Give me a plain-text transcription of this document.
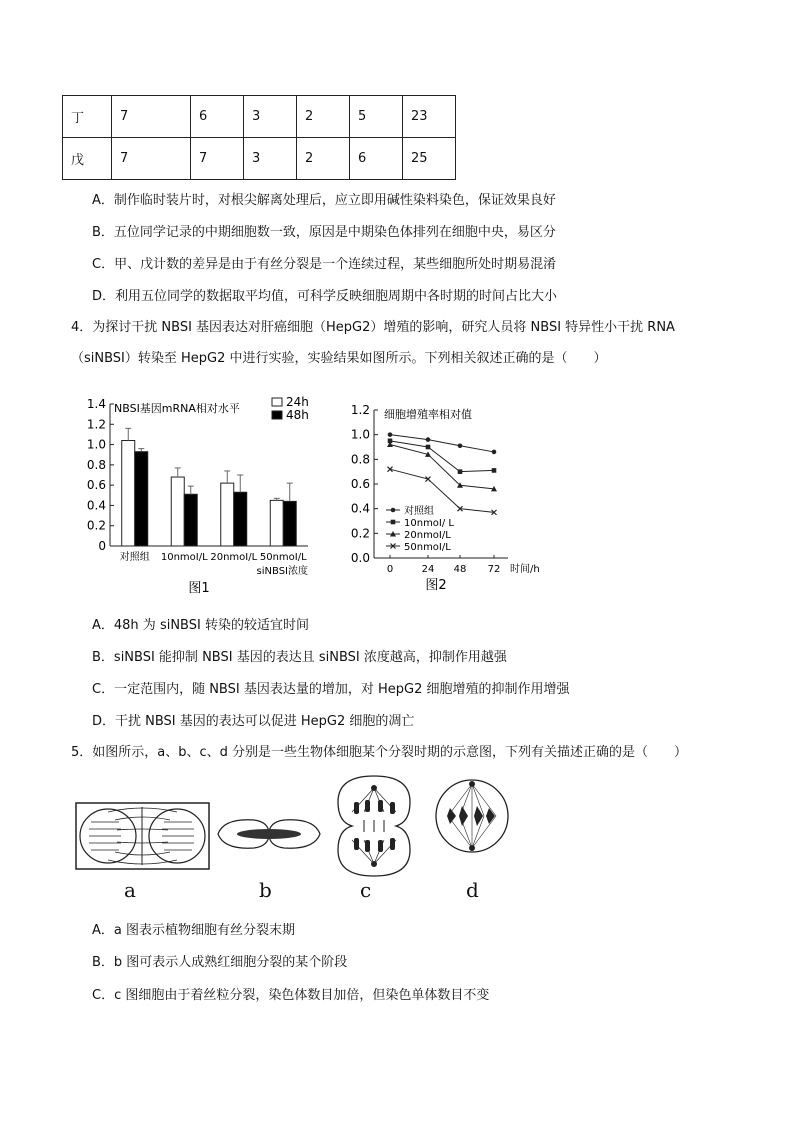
丁	7	6	3	2	5	23
戊	7	7	3	2	6	25
A．制作临时装片时，对根尖解离处理后，应立即用碱性染料染色，保证效果良好
B．五位同学记录的中期细胞数一致，原因是中期染色体排列在细胞中央，易区分
C．甲、戊计数的差异是由于有丝分裂是一个连续过程，某些细胞所处时期易混淆
D．利用五位同学的数据取平均值，可科学反映细胞周期中各时期的时间占比大小
4．为探讨干扰 NBSI 基因表达对肝癌细胞（HepG2）增殖的影响，研究人员将 NBSI 特异性小干扰 RNA
（siNBSI）转染至 HepG2 中进行实验，实验结果如图所示。下列相关叙述正确的是（　　）
0
0.2
0.4
0.6
0.8
1.0
1.2
1.4 NBSI基因mRNA相对水平
对照组 10nmoI/L 20nmoI/L 50nmoI/L
siNBSI浓度
24h
48h
图1
0.0
0.2
0.4
0.6
0.8
1.0
1.2
0	24 48 72 时间/h
细胞增殖率相对值
对照组
10nmoI/ L
20nmoI/L
50nmoI/L
图2
A．48h 为 siNBSI 转染的较适宜时间
B．siNBSI 能抑制 NBSI 基因的表达且 siNBSI 浓度越高，抑制作用越强
C．一定范围内，随 NBSI 基因表达量的增加，对 HepG2 细胞增殖的抑制作用增强
D．干扰 NBSI 基因的表达可以促进 HepG2 细胞的凋亡
5．如图所示，a、b、c、d 分别是一些生物体细胞某个分裂时期的示意图，下列有关描述正确的是（　　）
a	b	c	d
A．a 图表示植物细胞有丝分裂末期
B．b 图可表示人成熟红细胞分裂的某个阶段
C．c 图细胞由于着丝粒分裂，染色体数目加倍，但染色单体数目不变
